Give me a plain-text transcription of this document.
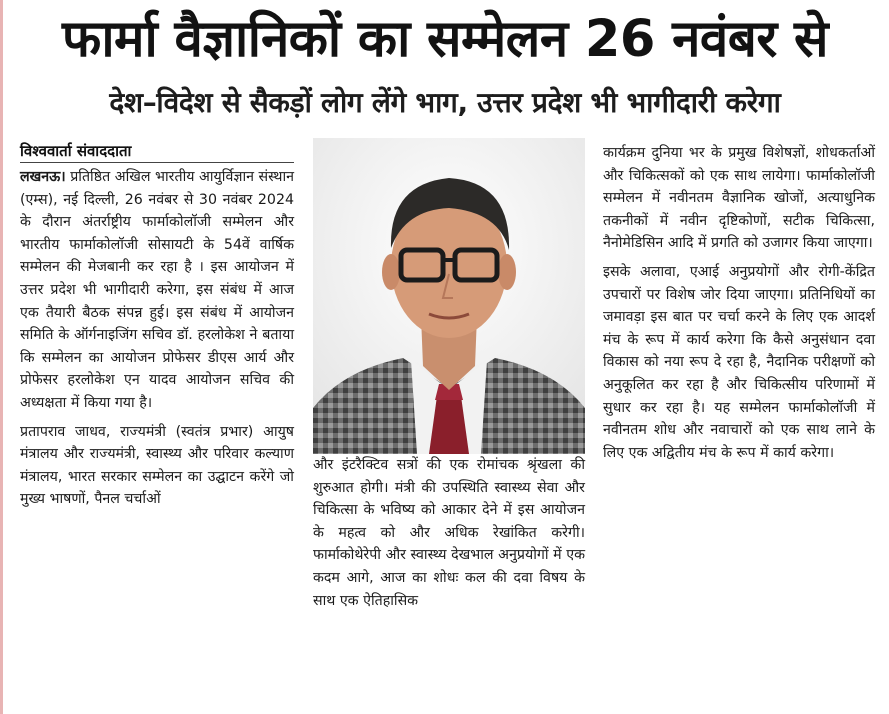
फार्मा वैज्ञानिकों का सम्मेलन 26 नवंबर से
देश–विदेश से सैकड़ों लोग लेंगे भाग, उत्तर प्रदेश भी भागीदारी करेगा
विश्ववार्ता संवाददाता

लखनऊ। प्रतिष्ठित अखिल भारतीय आयुर्विज्ञान संस्थान (एम्स), नई दिल्ली, 26 नवंबर से 30 नवंबर 2024 के दौरान अंतर्राष्ट्रीय फार्माकोलॉजी सम्मेलन और भारतीय फार्माकोलॉजी सोसायटी के 54वें वार्षिक सम्मेलन की मेजबानी कर रहा है । इस आयोजन में उत्तर प्रदेश भी भागीदारी करेगा, इस संबंध में आज एक तैयारी बैठक संपन्न हुई। इस संबंध में आयोजन समिति के ऑर्गनाइजिंग सचिव डॉ. हरलोकेश ने बताया कि सम्मेलन का आयोजन प्रोफेसर डीएस आर्य और प्रोफेसर हरलोकेश एन यादव आयोजन सचिव की अध्यक्षता में किया गया है।

प्रतापराव जाधव, राज्यमंत्री (स्वतंत्र प्रभार) आयुष मंत्रालय और राज्यमंत्री, स्वास्थ्य और परिवार कल्याण मंत्रालय, भारत सरकार सम्मेलन का उद्घाटन करेंगे जो मुख्य भाषणों, पैनल चर्चाओं

और इंटरैक्टिव सत्रों की एक रोमांचक श्रृंखला की शुरुआत होगी। मंत्री की उपस्थिति स्वास्थ्य सेवा और चिकित्सा के भविष्य को आकार देने में इस आयोजन के महत्व को और अधिक रेखांकित करेगी। फार्माकोथेरेपी और स्वास्थ्य देखभाल अनुप्रयोगों में एक कदम आगे, आज का शोधः कल की दवा विषय के साथ एक ऐतिहासिक

कार्यक्रम दुनिया भर के प्रमुख विशेषज्ञों, शोधकर्ताओं और चिकित्सकों को एक साथ लायेगा। फार्माकोलॉजी सम्मेलन में नवीनतम वैज्ञानिक खोजों, अत्याधुनिक तकनीकों में नवीन दृष्टिकोणों, सटीक चिकित्सा, नैनोमेडिसिन आदि में प्रगति को उजागर किया जाएगा।

इसके अलावा, एआई अनुप्रयोगों और रोगी-केंद्रित उपचारों पर विशेष जोर दिया जाएगा। प्रतिनिधियों का जमावड़ा इस बात पर चर्चा करने के लिए एक आदर्श मंच के रूप में कार्य करेगा कि कैसे अनुसंधान दवा विकास को नया रूप दे रहा है, नैदानिक परीक्षणों को अनुकूलित कर रहा है और चिकित्सीय परिणामों में सुधार कर रहा है। यह सम्मेलन फार्माकोलॉजी में नवीनतम शोध और नवाचारों को एक साथ लाने के लिए एक अद्वितीय मंच के रूप में कार्य करेगा।
